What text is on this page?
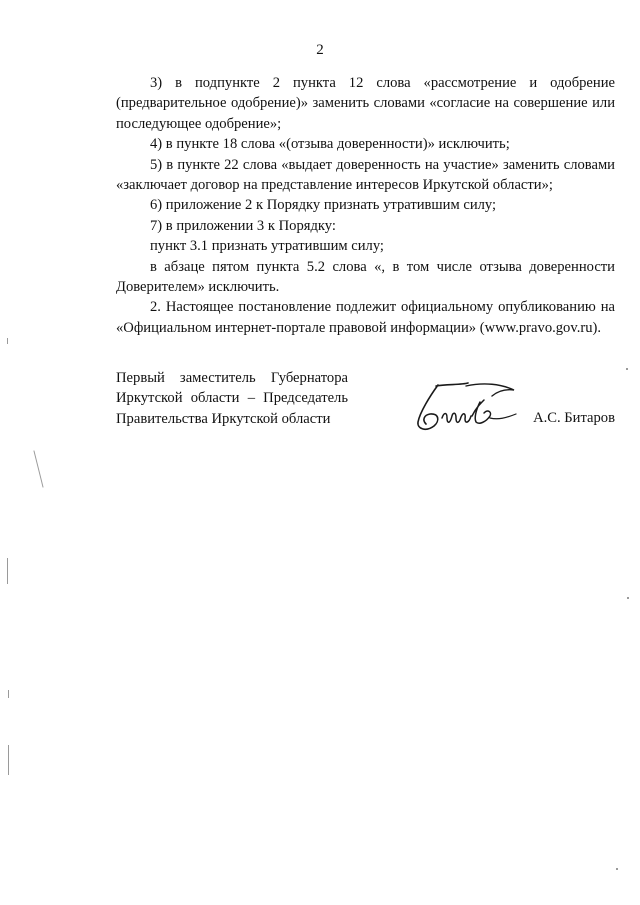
2

3) в подпункте 2 пункта 12 слова «рассмотрение и одобрение (предварительное одобрение)» заменить словами «согласие на совершение или последующее одобрение»;

4) в пункте 18 слова «(отзыва доверенности)» исключить;

5) в пункте 22 слова «выдает доверенность на участие» заменить словами «заключает договор на представление интересов Иркутской области»;

6) приложение 2 к Порядку признать утратившим силу;

7) в приложении 3 к Порядку:

пункт 3.1 признать утратившим силу;

в абзаце пятом пункта 5.2 слова «, в том числе отзыва доверенности Доверителем» исключить.

2. Настоящее постановление подлежит официальному опубликованию на «Официальном интернет-портале правовой информации» (www.pravo.gov.ru).

Первый заместитель Губернатора
Иркутской области – Председатель
Правительства Иркутской области	А.С. Битаров
